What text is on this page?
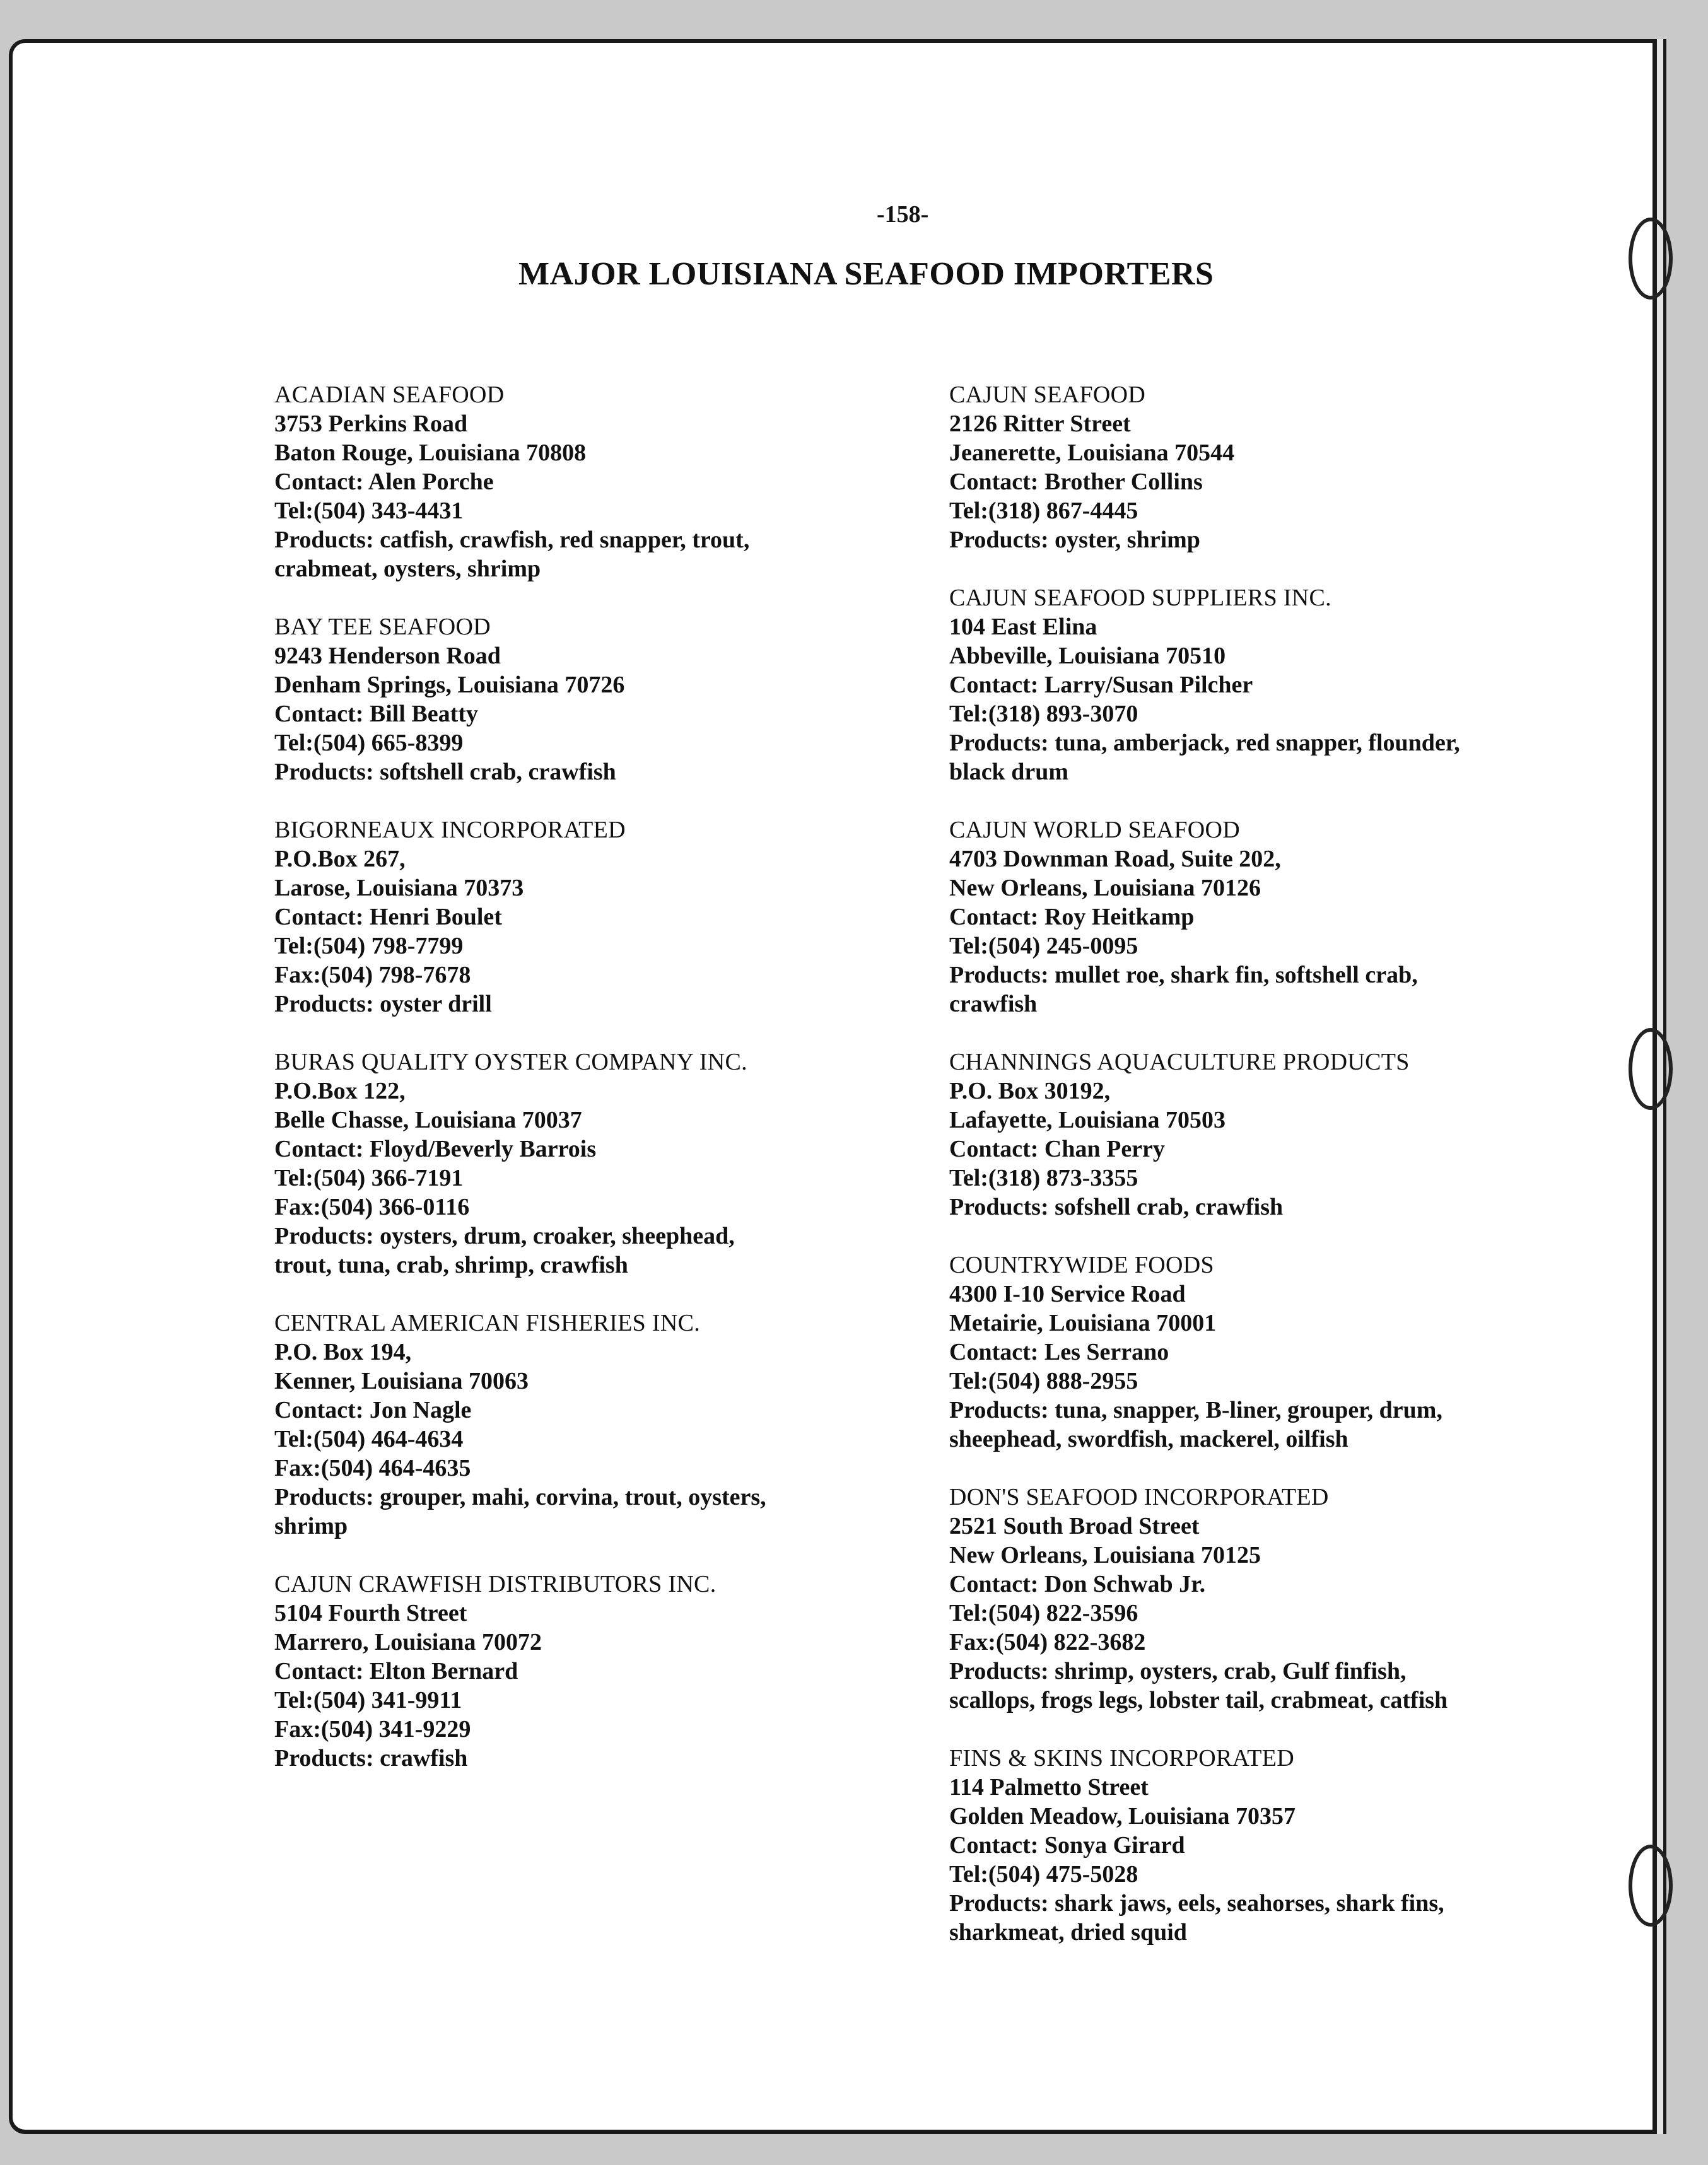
-158-
MAJOR LOUISIANA SEAFOOD IMPORTERS
ACADIAN SEAFOOD
3753 Perkins Road
Baton Rouge, Louisiana 70808
Contact: Alen Porche
Tel:(504) 343-4431
Products: catfish, crawfish, red snapper, trout,
crabmeat, oysters, shrimp
BAY TEE SEAFOOD
9243 Henderson Road
Denham Springs, Louisiana 70726
Contact: Bill Beatty
Tel:(504) 665-8399
Products: softshell crab, crawfish
BIGORNEAUX INCORPORATED
P.O.Box 267,
Larose, Louisiana 70373
Contact: Henri Boulet
Tel:(504) 798-7799
Fax:(504) 798-7678
Products: oyster drill
BURAS QUALITY OYSTER COMPANY INC.
P.O.Box 122,
Belle Chasse, Louisiana 70037
Contact: Floyd/Beverly Barrois
Tel:(504) 366-7191
Fax:(504) 366-0116
Products: oysters, drum, croaker, sheephead,
trout, tuna, crab, shrimp, crawfish
CENTRAL AMERICAN FISHERIES INC.
P.O. Box 194,
Kenner, Louisiana 70063
Contact: Jon Nagle
Tel:(504) 464-4634
Fax:(504) 464-4635
Products: grouper, mahi, corvina, trout, oysters,
shrimp
CAJUN CRAWFISH DISTRIBUTORS INC.
5104 Fourth Street
Marrero, Louisiana 70072
Contact: Elton Bernard
Tel:(504) 341-9911
Fax:(504) 341-9229
Products: crawfish
CAJUN SEAFOOD
2126 Ritter Street
Jeanerette, Louisiana 70544
Contact: Brother Collins
Tel:(318) 867-4445
Products: oyster, shrimp
CAJUN SEAFOOD SUPPLIERS INC.
104 East Elina
Abbeville, Louisiana 70510
Contact: Larry/Susan Pilcher
Tel:(318) 893-3070
Products: tuna, amberjack, red snapper, flounder,
black drum
CAJUN WORLD SEAFOOD
4703 Downman Road, Suite 202,
New Orleans, Louisiana 70126
Contact: Roy Heitkamp
Tel:(504) 245-0095
Products: mullet roe, shark fin, softshell crab,
crawfish
CHANNINGS AQUACULTURE PRODUCTS
P.O. Box 30192,
Lafayette, Louisiana 70503
Contact: Chan Perry
Tel:(318) 873-3355
Products: sofshell crab, crawfish
COUNTRYWIDE FOODS
4300 I-10 Service Road
Metairie, Louisiana 70001
Contact: Les Serrano
Tel:(504) 888-2955
Products: tuna, snapper, B-liner, grouper, drum,
sheephead, swordfish, mackerel, oilfish
DON'S SEAFOOD INCORPORATED
2521 South Broad Street
New Orleans, Louisiana 70125
Contact: Don Schwab Jr.
Tel:(504) 822-3596
Fax:(504) 822-3682
Products: shrimp, oysters, crab, Gulf finfish,
scallops, frogs legs, lobster tail, crabmeat, catfish
FINS & SKINS INCORPORATED
114 Palmetto Street
Golden Meadow, Louisiana 70357
Contact: Sonya Girard
Tel:(504) 475-5028
Products: shark jaws, eels, seahorses, shark fins,
sharkmeat, dried squid
